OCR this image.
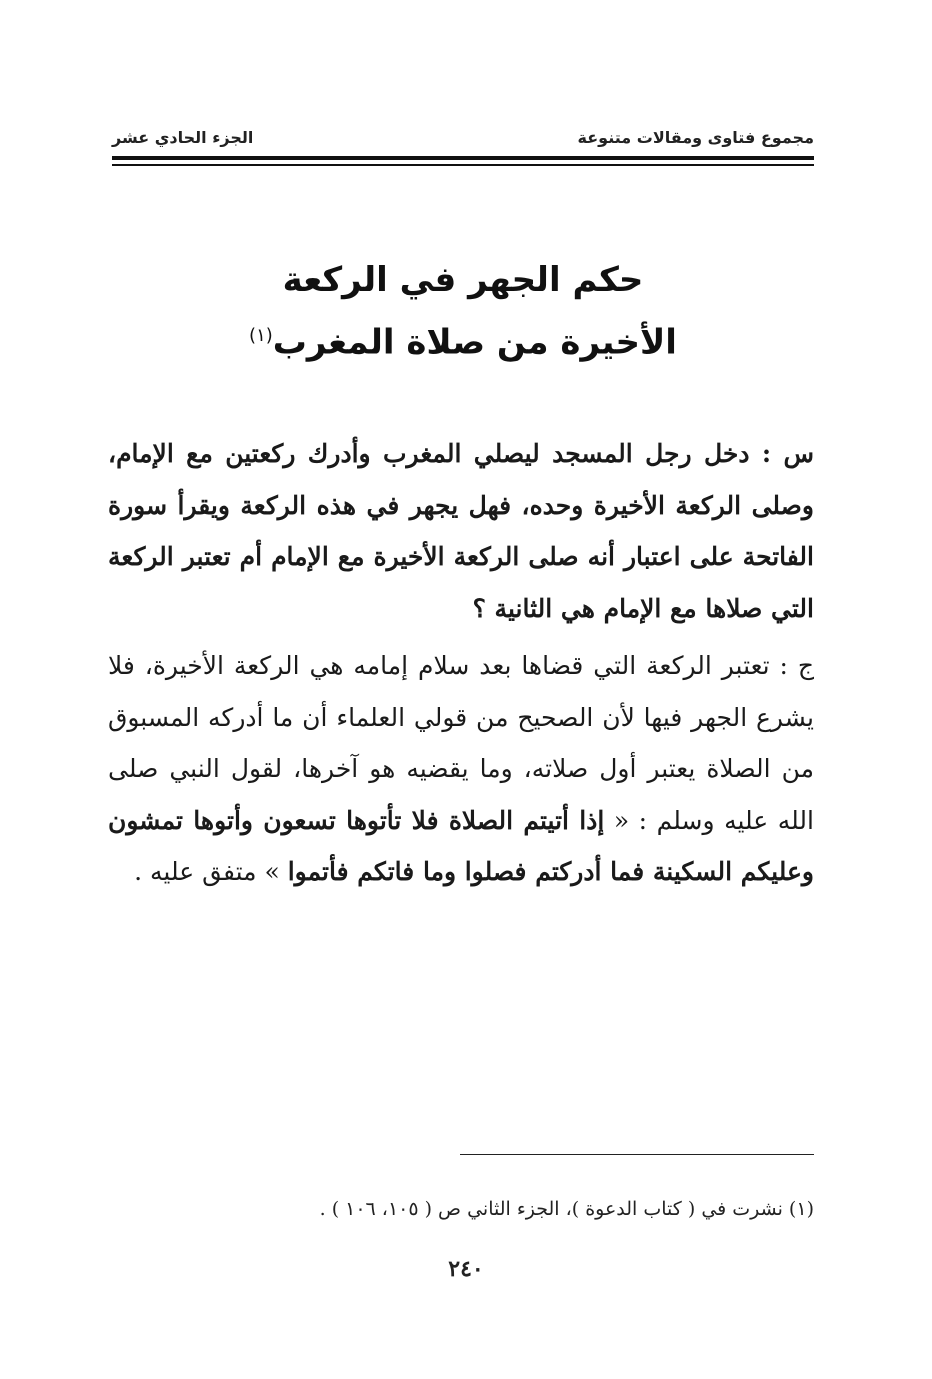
مجموع فتاوى ومقالات متنوعة
الجزء الحادي عشر
حكم الجهر في الركعة
الأخيرة من صلاة المغرب$^{(١)}$

س : دخل رجل المسجد ليصلي المغرب وأدرك ركعتين مع الإمام، وصلى الركعة الأخيرة وحده، فهل يجهر في هذه الركعة ويقرأ سورة الفاتحة على اعتبار أنه صلى الركعة الأخيرة مع الإمام أم تعتبر الركعة التي صلاها مع الإمام هي الثانية ؟

ج : تعتبر الركعة التي قضاها بعد سلام إمامه هي الركعة الأخيرة، فلا يشرع الجهر فيها لأن الصحيح من قولي العلماء أن ما أدركه المسبوق من الصلاة يعتبر أول صلاته، وما يقضيه هو آخرها، لقول النبي صلى الله عليه وسلم : « إذا أتيتم الصلاة فلا تأتوها تسعون وأتوها تمشون وعليكم السكينة فما أدركتم فصلوا وما فاتكم فأتموا » متفق عليه .

(١) نشرت في ( كتاب الدعوة )، الجزء الثاني ص ( ١٠٥، ١٠٦ ) .
٢٤٠
